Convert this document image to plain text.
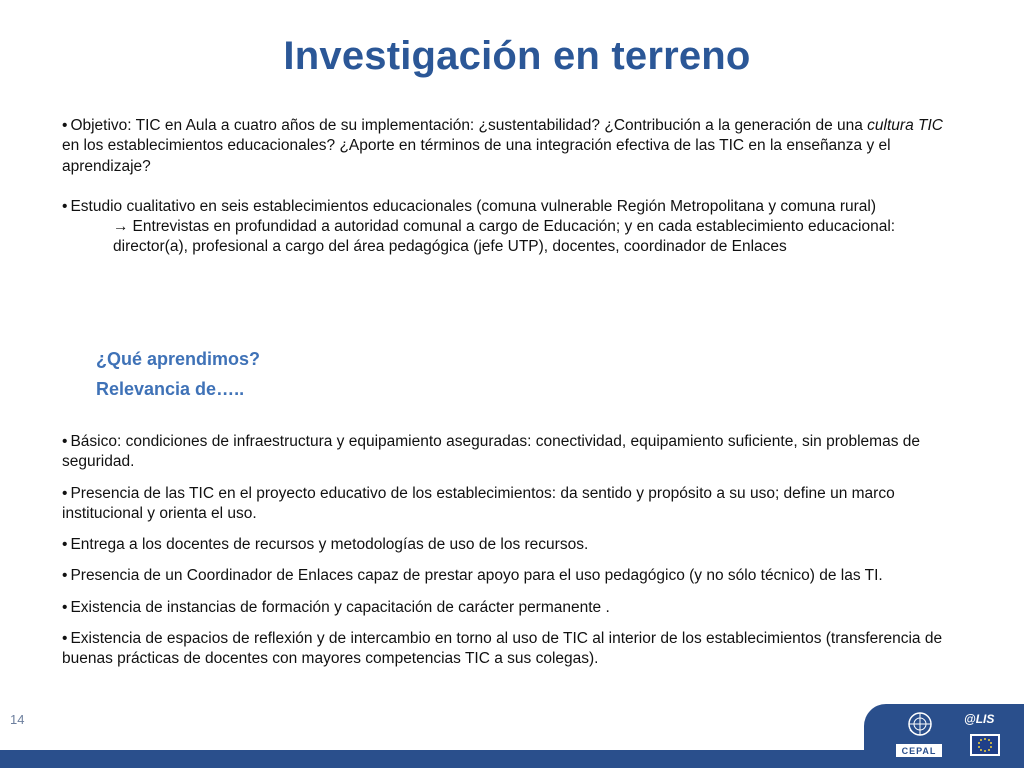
Investigación en terreno

• Objetivo: TIC en Aula a cuatro años de su implementación: ¿sustentabilidad? ¿Contribución a la generación de una cultura TIC en los establecimientos educacionales? ¿Aporte en términos de una integración efectiva de las TIC en la enseñanza y el aprendizaje?

• Estudio cualitativo en seis establecimientos educacionales (comuna vulnerable Región Metropolitana y comuna rural)

→ Entrevistas en profundidad a autoridad comunal a cargo de Educación; y en cada establecimiento educacional: director(a), profesional a cargo del área pedagógica (jefe UTP), docentes, coordinador de Enlaces

¿Qué aprendimos?
Relevancia de…..

• Básico: condiciones de infraestructura y equipamiento aseguradas: conectividad, equipamiento suficiente, sin problemas de seguridad.

• Presencia de las TIC en el proyecto educativo de los establecimientos: da sentido y propósito a su uso; define un marco institucional y orienta el uso.

• Entrega a los docentes de recursos y metodologías de uso de los recursos.

• Presencia de un Coordinador de Enlaces capaz de prestar apoyo para el uso pedagógico (y no sólo técnico) de las TI.

• Existencia de instancias de formación y capacitación de carácter permanente .

• Existencia de espacios de reflexión y de intercambio en torno al uso de TIC al interior de los establecimientos (transferencia de buenas prácticas de docentes con mayores competencias TIC a sus colegas).

14
CEPAL
@LIS
